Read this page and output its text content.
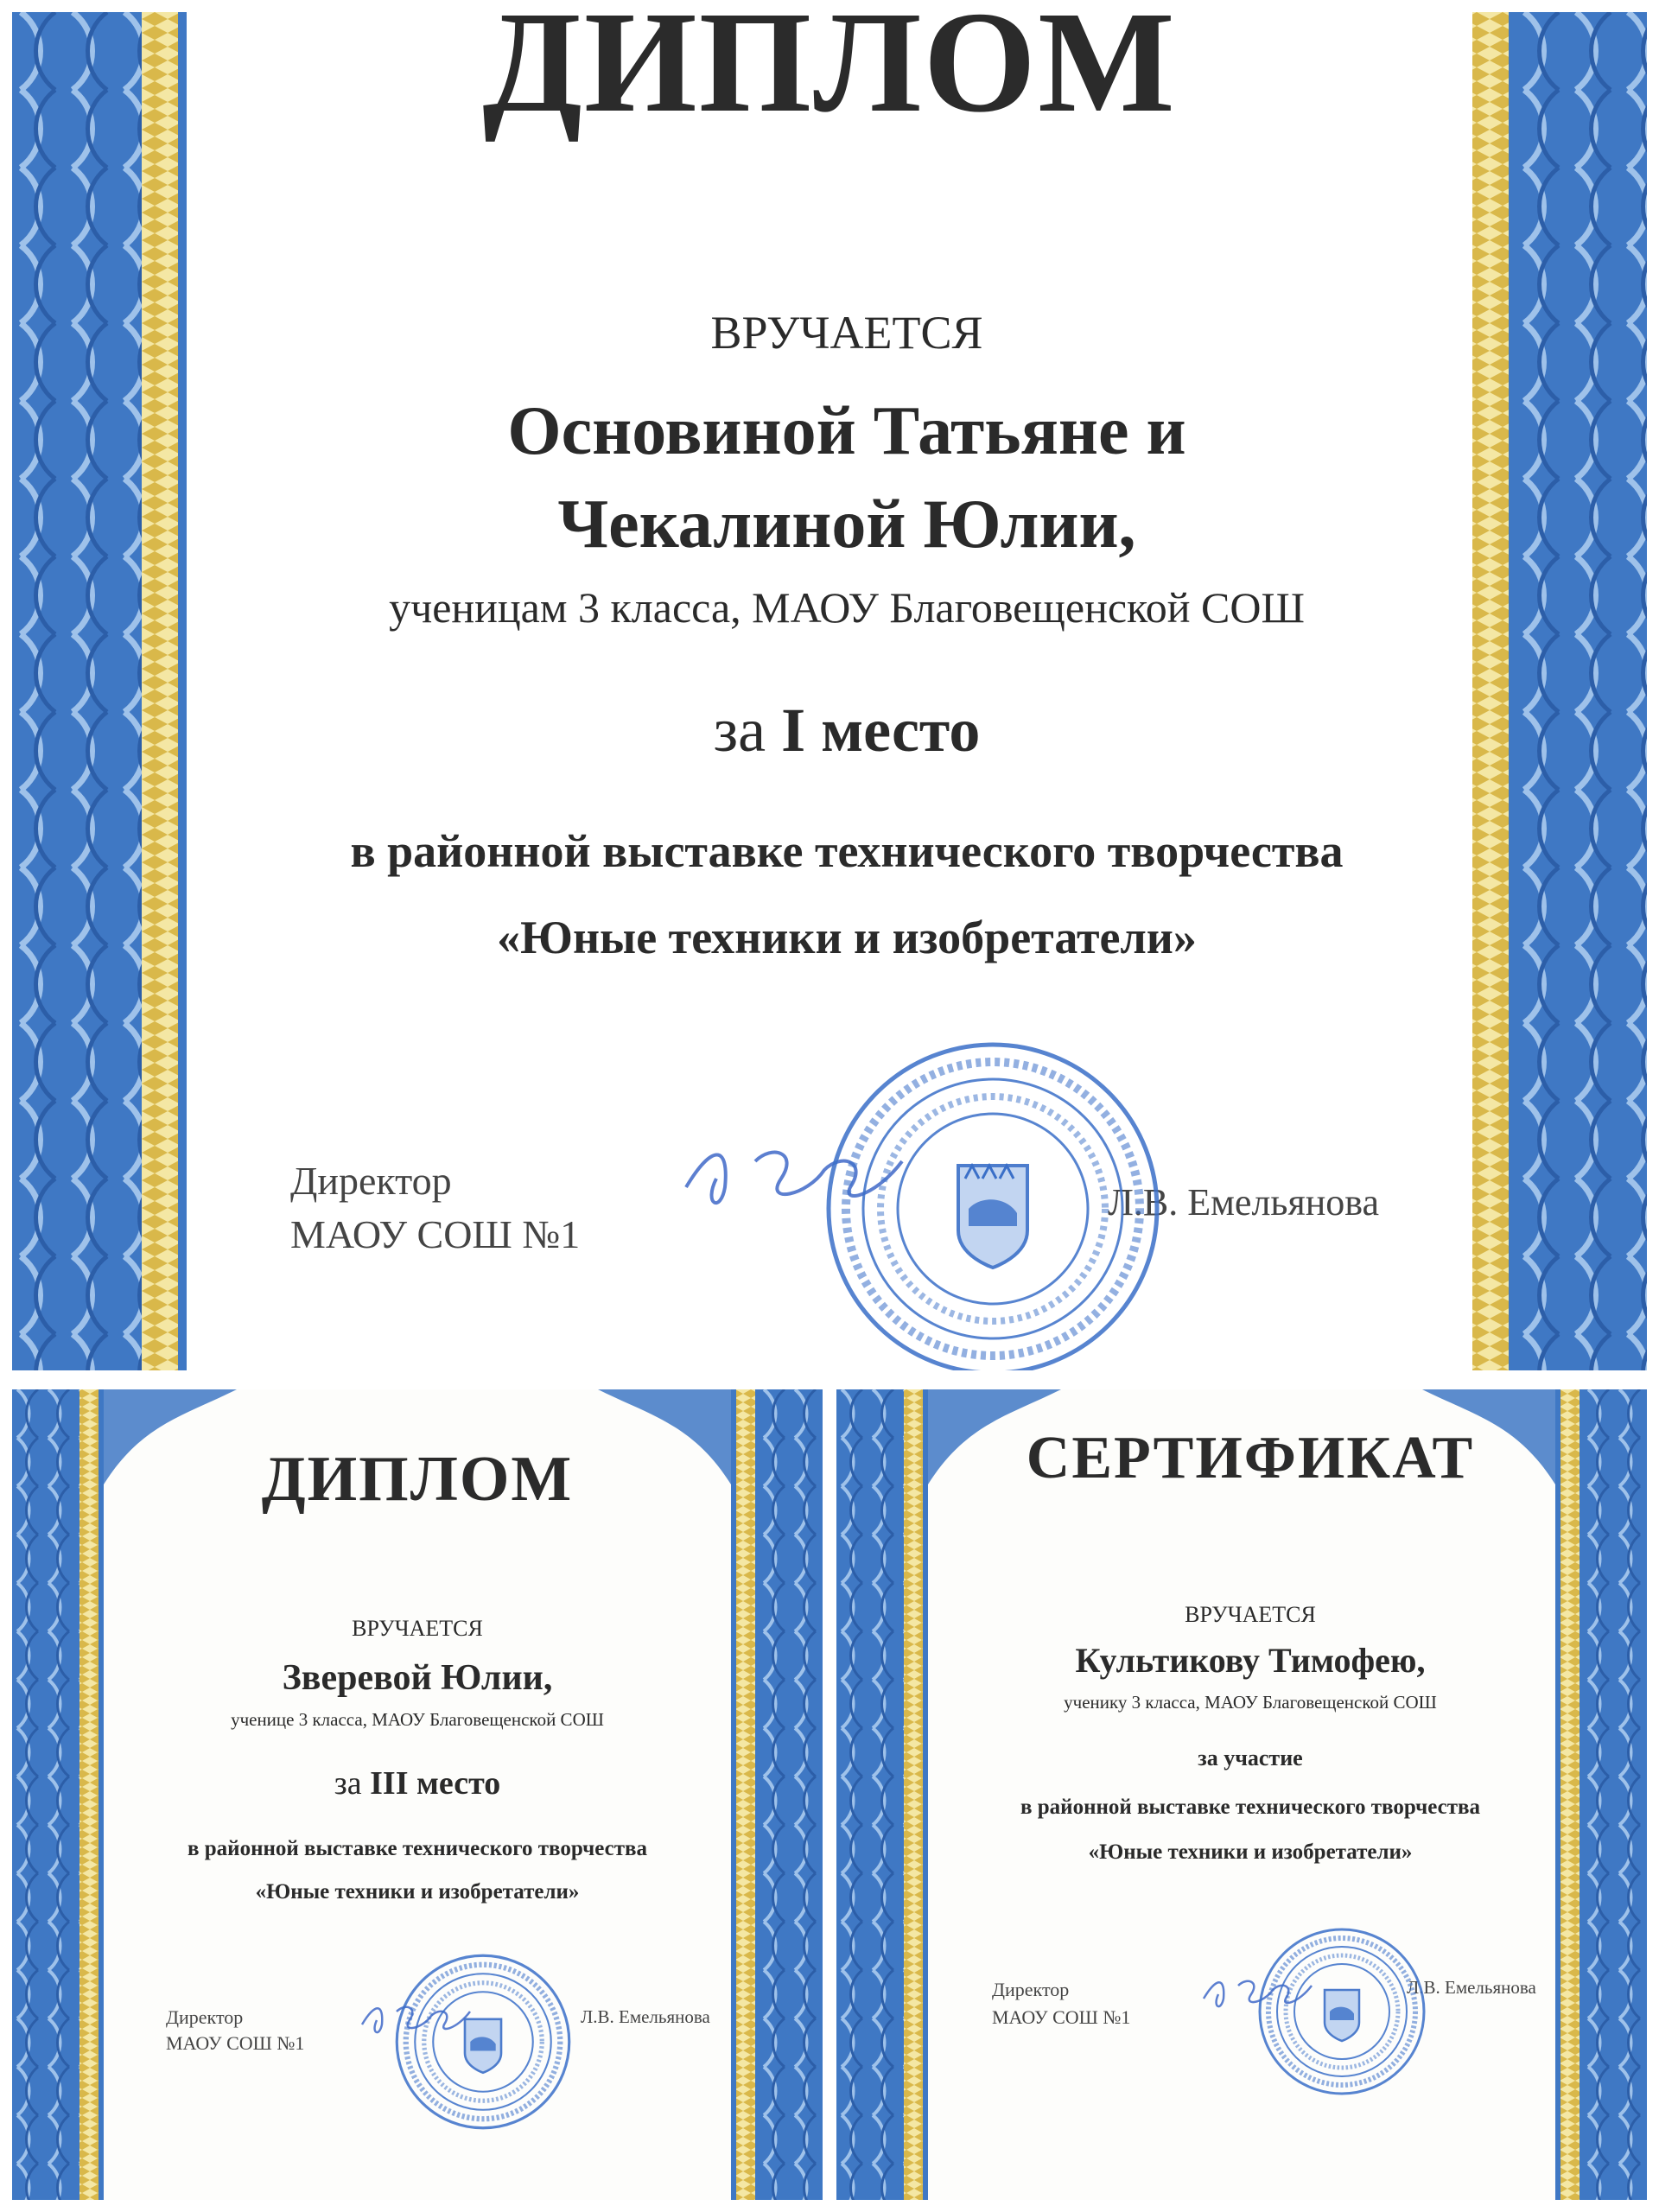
ДИПЛОМ
ВРУЧАЕТСЯ
Основиной Татьяне и
Чекалиной Юлии,
ученицам 3 класса, МАОУ Благовещенской СОШ
за I место
в районной выставке технического творчества
«Юные техники и изобретатели»
Директор
МАОУ СОШ №1
Л.В. Емельянова
ДИПЛОМ
ВРУЧАЕТСЯ
Зверевой Юлии,
ученице 3 класса, МАОУ Благовещенской СОШ
за III место
в районной выставке технического творчества
«Юные техники и изобретатели»
Директор
МАОУ СОШ №1
Л.В. Емельянова
СЕРТИФИКАТ
ВРУЧАЕТСЯ
Культикову Тимофею,
ученику 3 класса, МАОУ Благовещенской СОШ
за участие
в районной выставке технического творчества
«Юные техники и изобретатели»
Директор
МАОУ СОШ №1
Л.В. Емельянова
